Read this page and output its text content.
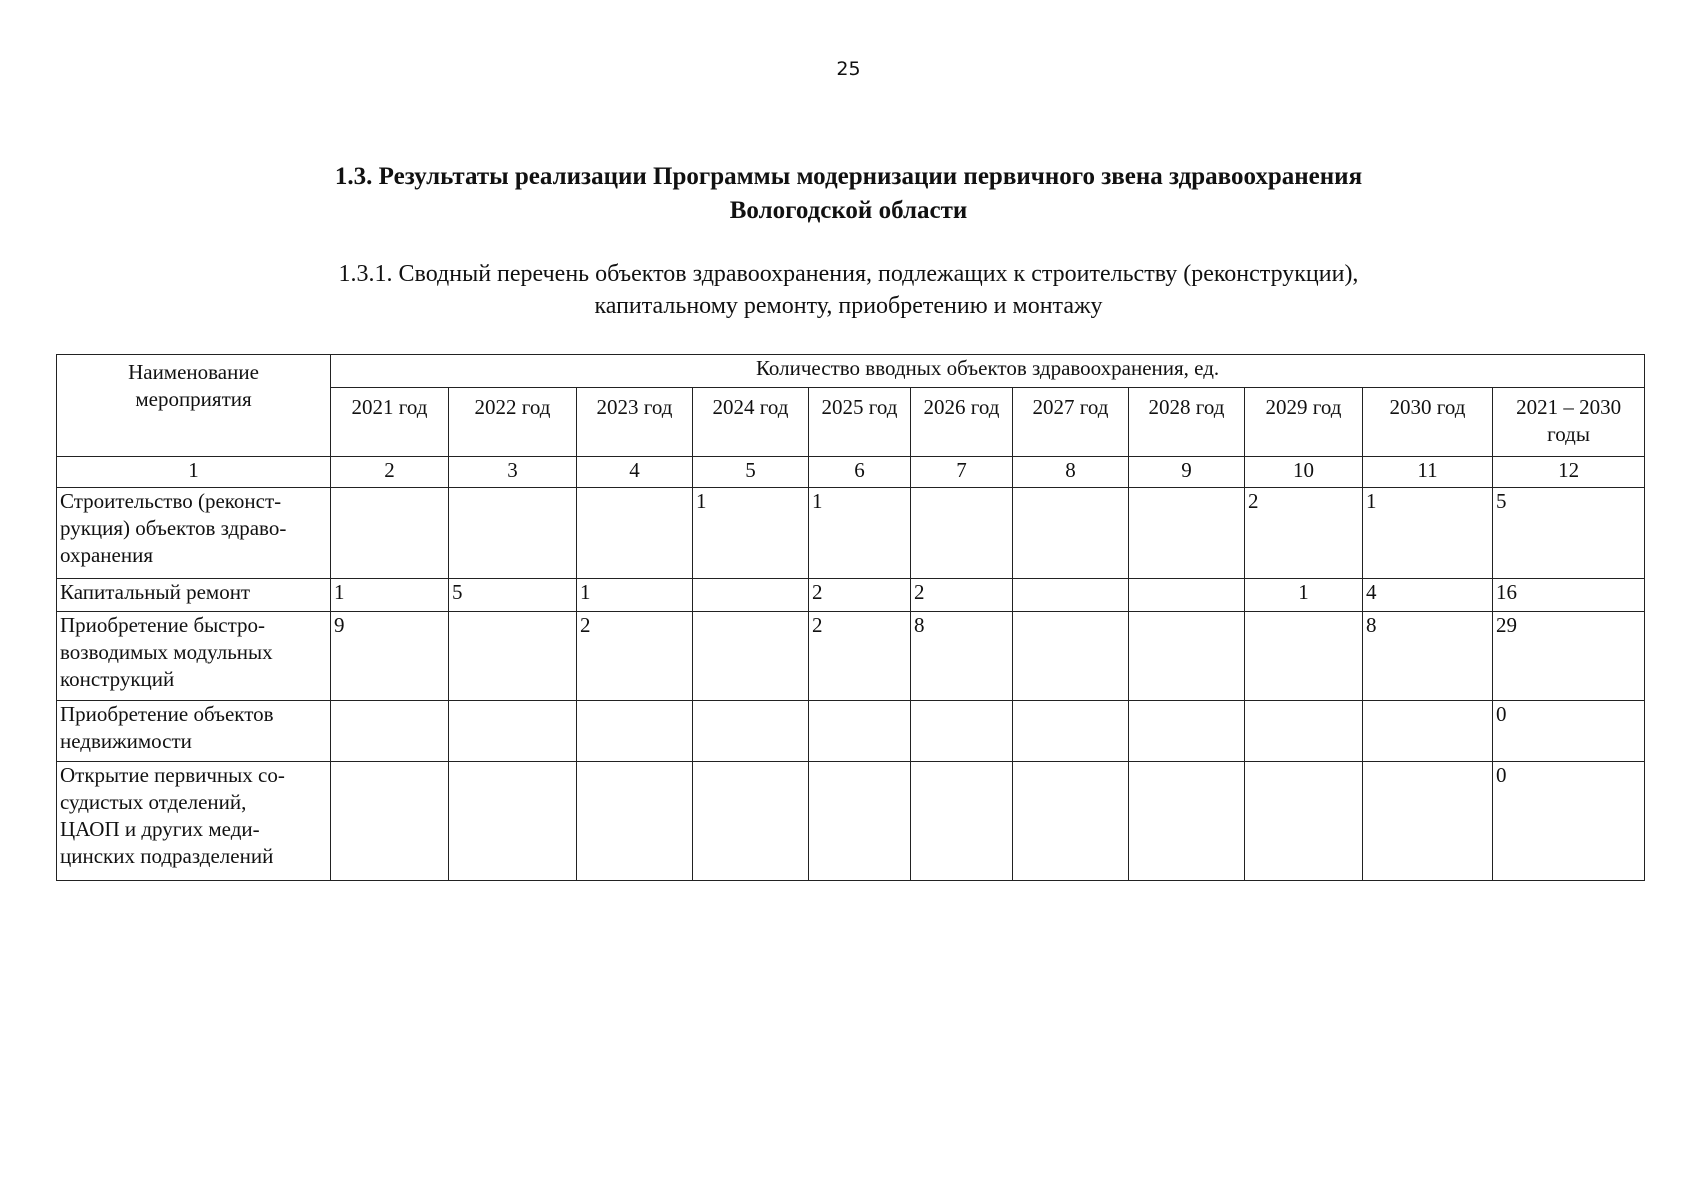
25
1.3. Результаты реализации Программы модернизации первичного звена здравоохранения
Вологодской области
1.3.1. Сводный перечень объектов здравоохранения, подлежащих к строительству (реконструкции),
капитальному ремонту, приобретению и монтажу
Наименование
мероприятия	Количество вводных объектов здравоохранения, ед.										
	2021 год	2022 год	2023 год	2024 год	2025 год	2026 год	2027 год	2028 год	2029 год	2030 год	2021 – 2030
годы

1	2	3	4	5	6	7	8	9	10	11	12

Строительство (реконст-
рукция) объектов здраво-
охранения				1	1				2	1	5

Капитальный ремонт	1	5	1		2	2			1	4	16

Приобретение быстро-
возводимых модульных
конструкций	9		2		2	8				8	29

Приобретение объектов
недвижимости											0

Открытие первичных со-
судистых отделений,
ЦАОП и других меди-
цинских подразделений											0
